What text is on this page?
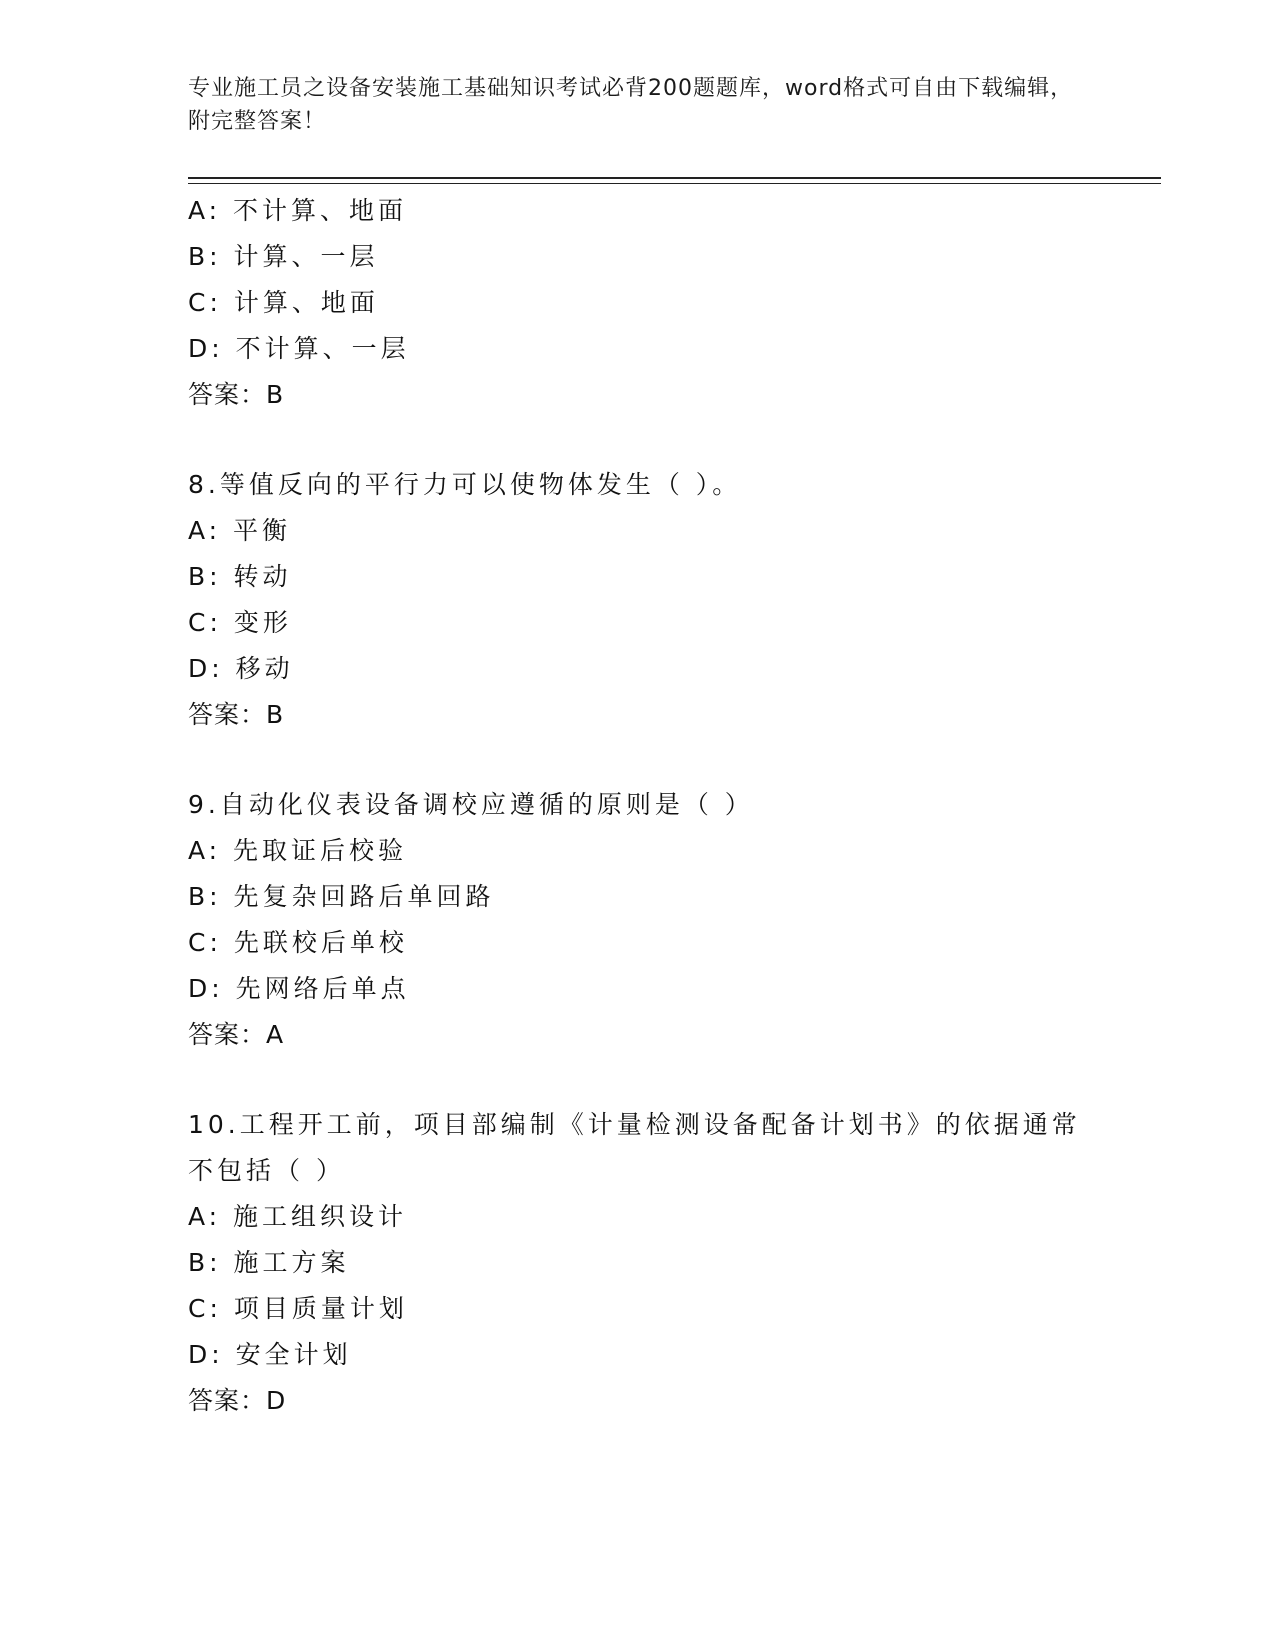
专业施工员之设备安装施工基础知识考试必背200题题库，word格式可自由下载编辑，附完整答案！
A: 不计算、地面
B: 计算、一层
C: 计算、地面
D: 不计算、一层
答案：B
8.等值反向的平行力可以使物体发生（ ）。
A: 平衡
B: 转动
C: 变形
D: 移动
答案：B
9.自动化仪表设备调校应遵循的原则是（ ）
A: 先取证后校验
B: 先复杂回路后单回路
C: 先联校后单校
D: 先网络后单点
答案：A
10.工程开工前，项目部编制《计量检测设备配备计划书》的依据通常不包括（ ）
A: 施工组织设计
B: 施工方案
C: 项目质量计划
D: 安全计划
答案：D
